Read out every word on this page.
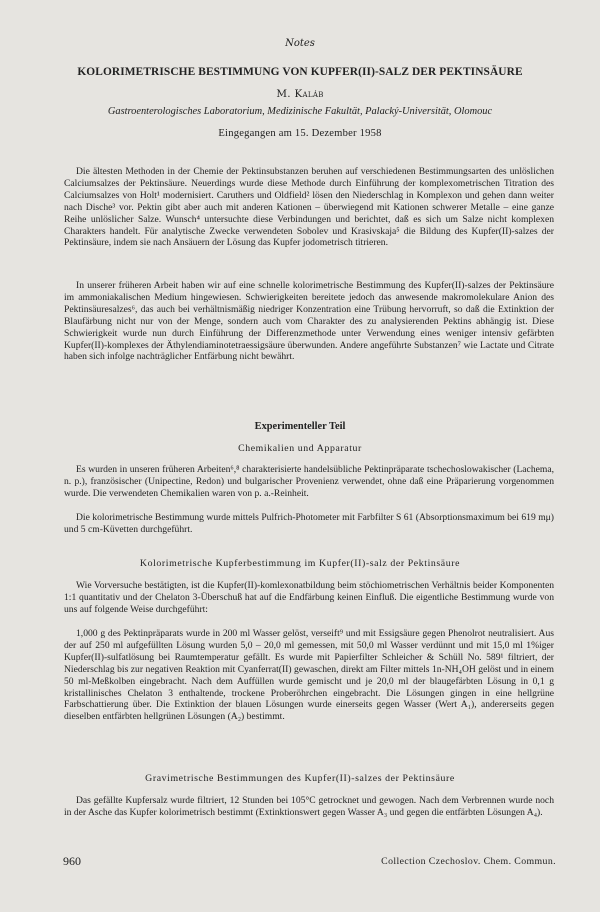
Notes
KOLORIMETRISCHE BESTIMMUNG VON KUPFER(II)-SALZ DER PEKTINSÄURE
M. Kaláb
Gastroenterologisches Laboratorium, Medizinische Fakultät, Palacký-Universität, Olomouc
Eingegangen am 15. Dezember 1958

Die ältesten Methoden in der Chemie der Pektinsubstanzen beruhen auf verschiedenen Bestimmungsarten des unlöslichen Calciumsalzes der Pektinsäure. Neuerdings wurde diese Methode durch Einführung der komplexometrischen Titration des Calciumsalzes von Holt¹ modernisiert. Caruthers und Oldfield² lösen den Niederschlag in Komplexon und gehen dann weiter nach Dische³ vor. Pektin gibt aber auch mit anderen Kationen – überwiegend mit Kationen schwerer Metalle – eine ganze Reihe unlöslicher Salze. Wunsch⁴ untersuchte diese Verbindungen und berichtet, daß es sich um Salze nicht komplexen Charakters handelt. Für analytische Zwecke verwendeten Sobolev und Krasivskaja⁵ die Bildung des Kupfer(II)-salzes der Pektinsäure, indem sie nach Ansäuern der Lösung das Kupfer jodometrisch titrieren.

In unserer früheren Arbeit haben wir auf eine schnelle kolorimetrische Bestimmung des Kupfer(II)-salzes der Pektinsäure im ammoniakalischen Medium hingewiesen. Schwierigkeiten bereitete jedoch das anwesende makromolekulare Anion des Pektinsäuresalzes⁶, das auch bei verhältnismäßig niedriger Konzentration eine Trübung hervorruft, so daß die Extinktion der Blaufärbung nicht nur von der Menge, sondern auch vom Charakter des zu analysierenden Pektins abhängig ist. Diese Schwierigkeit wurde nun durch Einführung der Differenzmethode unter Verwendung eines weniger intensiv gefärbten Kupfer(II)-komplexes der Äthylendiaminotetraessigsäure überwunden. Andere angeführte Substanzen⁷ wie Lactate und Citrate haben sich infolge nachträglicher Entfärbung nicht bewährt.

Experimenteller Teil
Chemikalien und Apparatur

Es wurden in unseren früheren Arbeiten⁶,⁸ charakterisierte handelsübliche Pektinpräparate tschechoslowakischer (Lachema, n. p.), französischer (Unipectine, Redon) und bulgarischer Provenienz verwendet, ohne daß eine Präparierung vorgenommen wurde. Die verwendeten Chemikalien waren von p. a.-Reinheit.

Die kolorimetrische Bestimmung wurde mittels Pulfrich-Photometer mit Farbfilter S 61 (Absorptionsmaximum bei 619 mμ) und 5 cm-Küvetten durchgeführt.

Kolorimetrische Kupferbestimmung im Kupfer(II)-salz der Pektinsäure

Wie Vorversuche bestätigten, ist die Kupfer(II)-komlexonatbildung beim stöchiometrischen Verhältnis beider Komponenten 1:1 quantitativ und der Chelaton 3-Überschuß hat auf die Endfärbung keinen Einfluß. Die eigentliche Bestimmung wurde von uns auf folgende Weise durchgeführt:

1,000 g des Pektinpräparats wurde in 200 ml Wasser gelöst, verseift⁹ und mit Essigsäure gegen Phenolrot neutralisiert. Aus der auf 250 ml aufgefüllten Lösung wurden 5,0 – 20,0 ml gemessen, mit 50,0 ml Wasser verdünnt und mit 15,0 ml 1%iger Kupfer(II)-sulfatlösung bei Raumtemperatur gefällt. Es wurde mit Papierfilter Schleicher & Schüll No. 589¹ filtriert, der Niederschlag bis zur negativen Reaktion mit Cyanferrat(II) gewaschen, direkt am Filter mittels 1n-NH₄OH gelöst und in einem 50 ml-Meßkolben eingebracht. Nach dem Auffüllen wurde gemischt und je 20,0 ml der blaugefärbten Lösung in 0,1 g kristallinisches Chelaton 3 enthaltende, trockene Proberöhrchen eingebracht. Die Lösungen gingen in eine hellgrüne Farbschattierung über. Die Extinktion der blauen Lösungen wurde einerseits gegen Wasser (Wert A₁), andererseits gegen dieselben entfärbten hellgrünen Lösungen (A₂) bestimmt.

Gravimetrische Bestimmungen des Kupfer(II)-salzes der Pektinsäure

Das gefällte Kupfersalz wurde filtriert, 12 Stunden bei 105°C getrocknet und gewogen. Nach dem Verbrennen wurde noch in der Asche das Kupfer kolorimetrisch bestimmt (Extinktionswert gegen Wasser A₃ und gegen die entfärbten Lösungen A₄).

960	Collection Czechoslov. Chem. Commun.
